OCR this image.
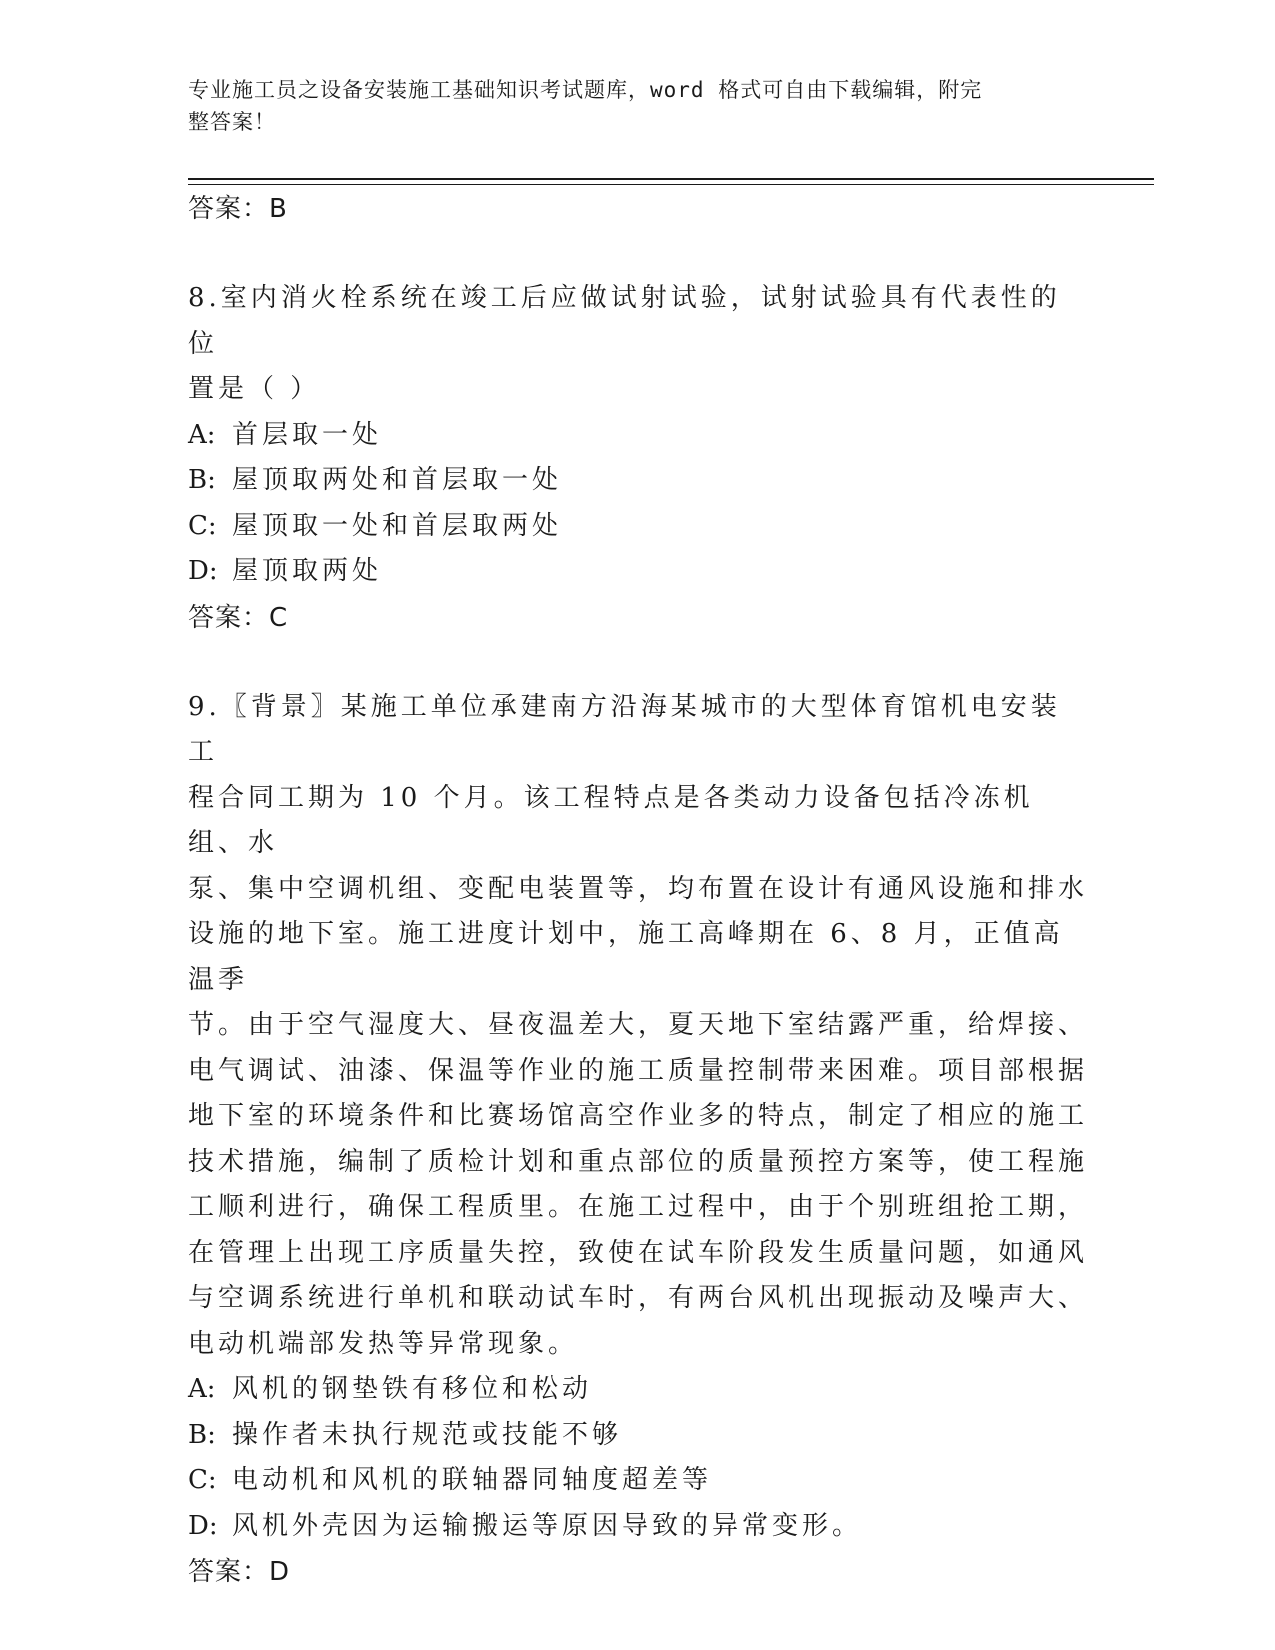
专业施工员之设备安装施工基础知识考试题库，word 格式可自由下载编辑，附完
整答案！
答案：B
8.室内消火栓系统在竣工后应做试射试验，试射试验具有代表性的位
置是（ ）
A: 首层取一处
B: 屋顶取两处和首层取一处
C: 屋顶取一处和首层取两处
D: 屋顶取两处
答案：C
9.〖背景〗某施工单位承建南方沿海某城市的大型体育馆机电安装工
程合同工期为 10 个月。该工程特点是各类动力设备包括冷冻机组、水
泵、集中空调机组、变配电装置等，均布置在设计有通风设施和排水
设施的地下室。施工进度计划中，施工高峰期在 6、8 月，正值高温季
节。由于空气湿度大、昼夜温差大，夏天地下室结露严重，给焊接、
电气调试、油漆、保温等作业的施工质量控制带来困难。项目部根据
地下室的环境条件和比赛场馆高空作业多的特点，制定了相应的施工
技术措施，编制了质检计划和重点部位的质量预控方案等，使工程施
工顺利进行，确保工程质里。在施工过程中，由于个别班组抢工期，
在管理上出现工序质量失控，致使在试车阶段发生质量问题，如通风
与空调系统进行单机和联动试车时，有两台风机出现振动及噪声大、
电动机端部发热等异常现象。
A: 风机的钢垫铁有移位和松动
B: 操作者未执行规范或技能不够
C: 电动机和风机的联轴器同轴度超差等
D: 风机外壳因为运输搬运等原因导致的异常变形。
答案：D
